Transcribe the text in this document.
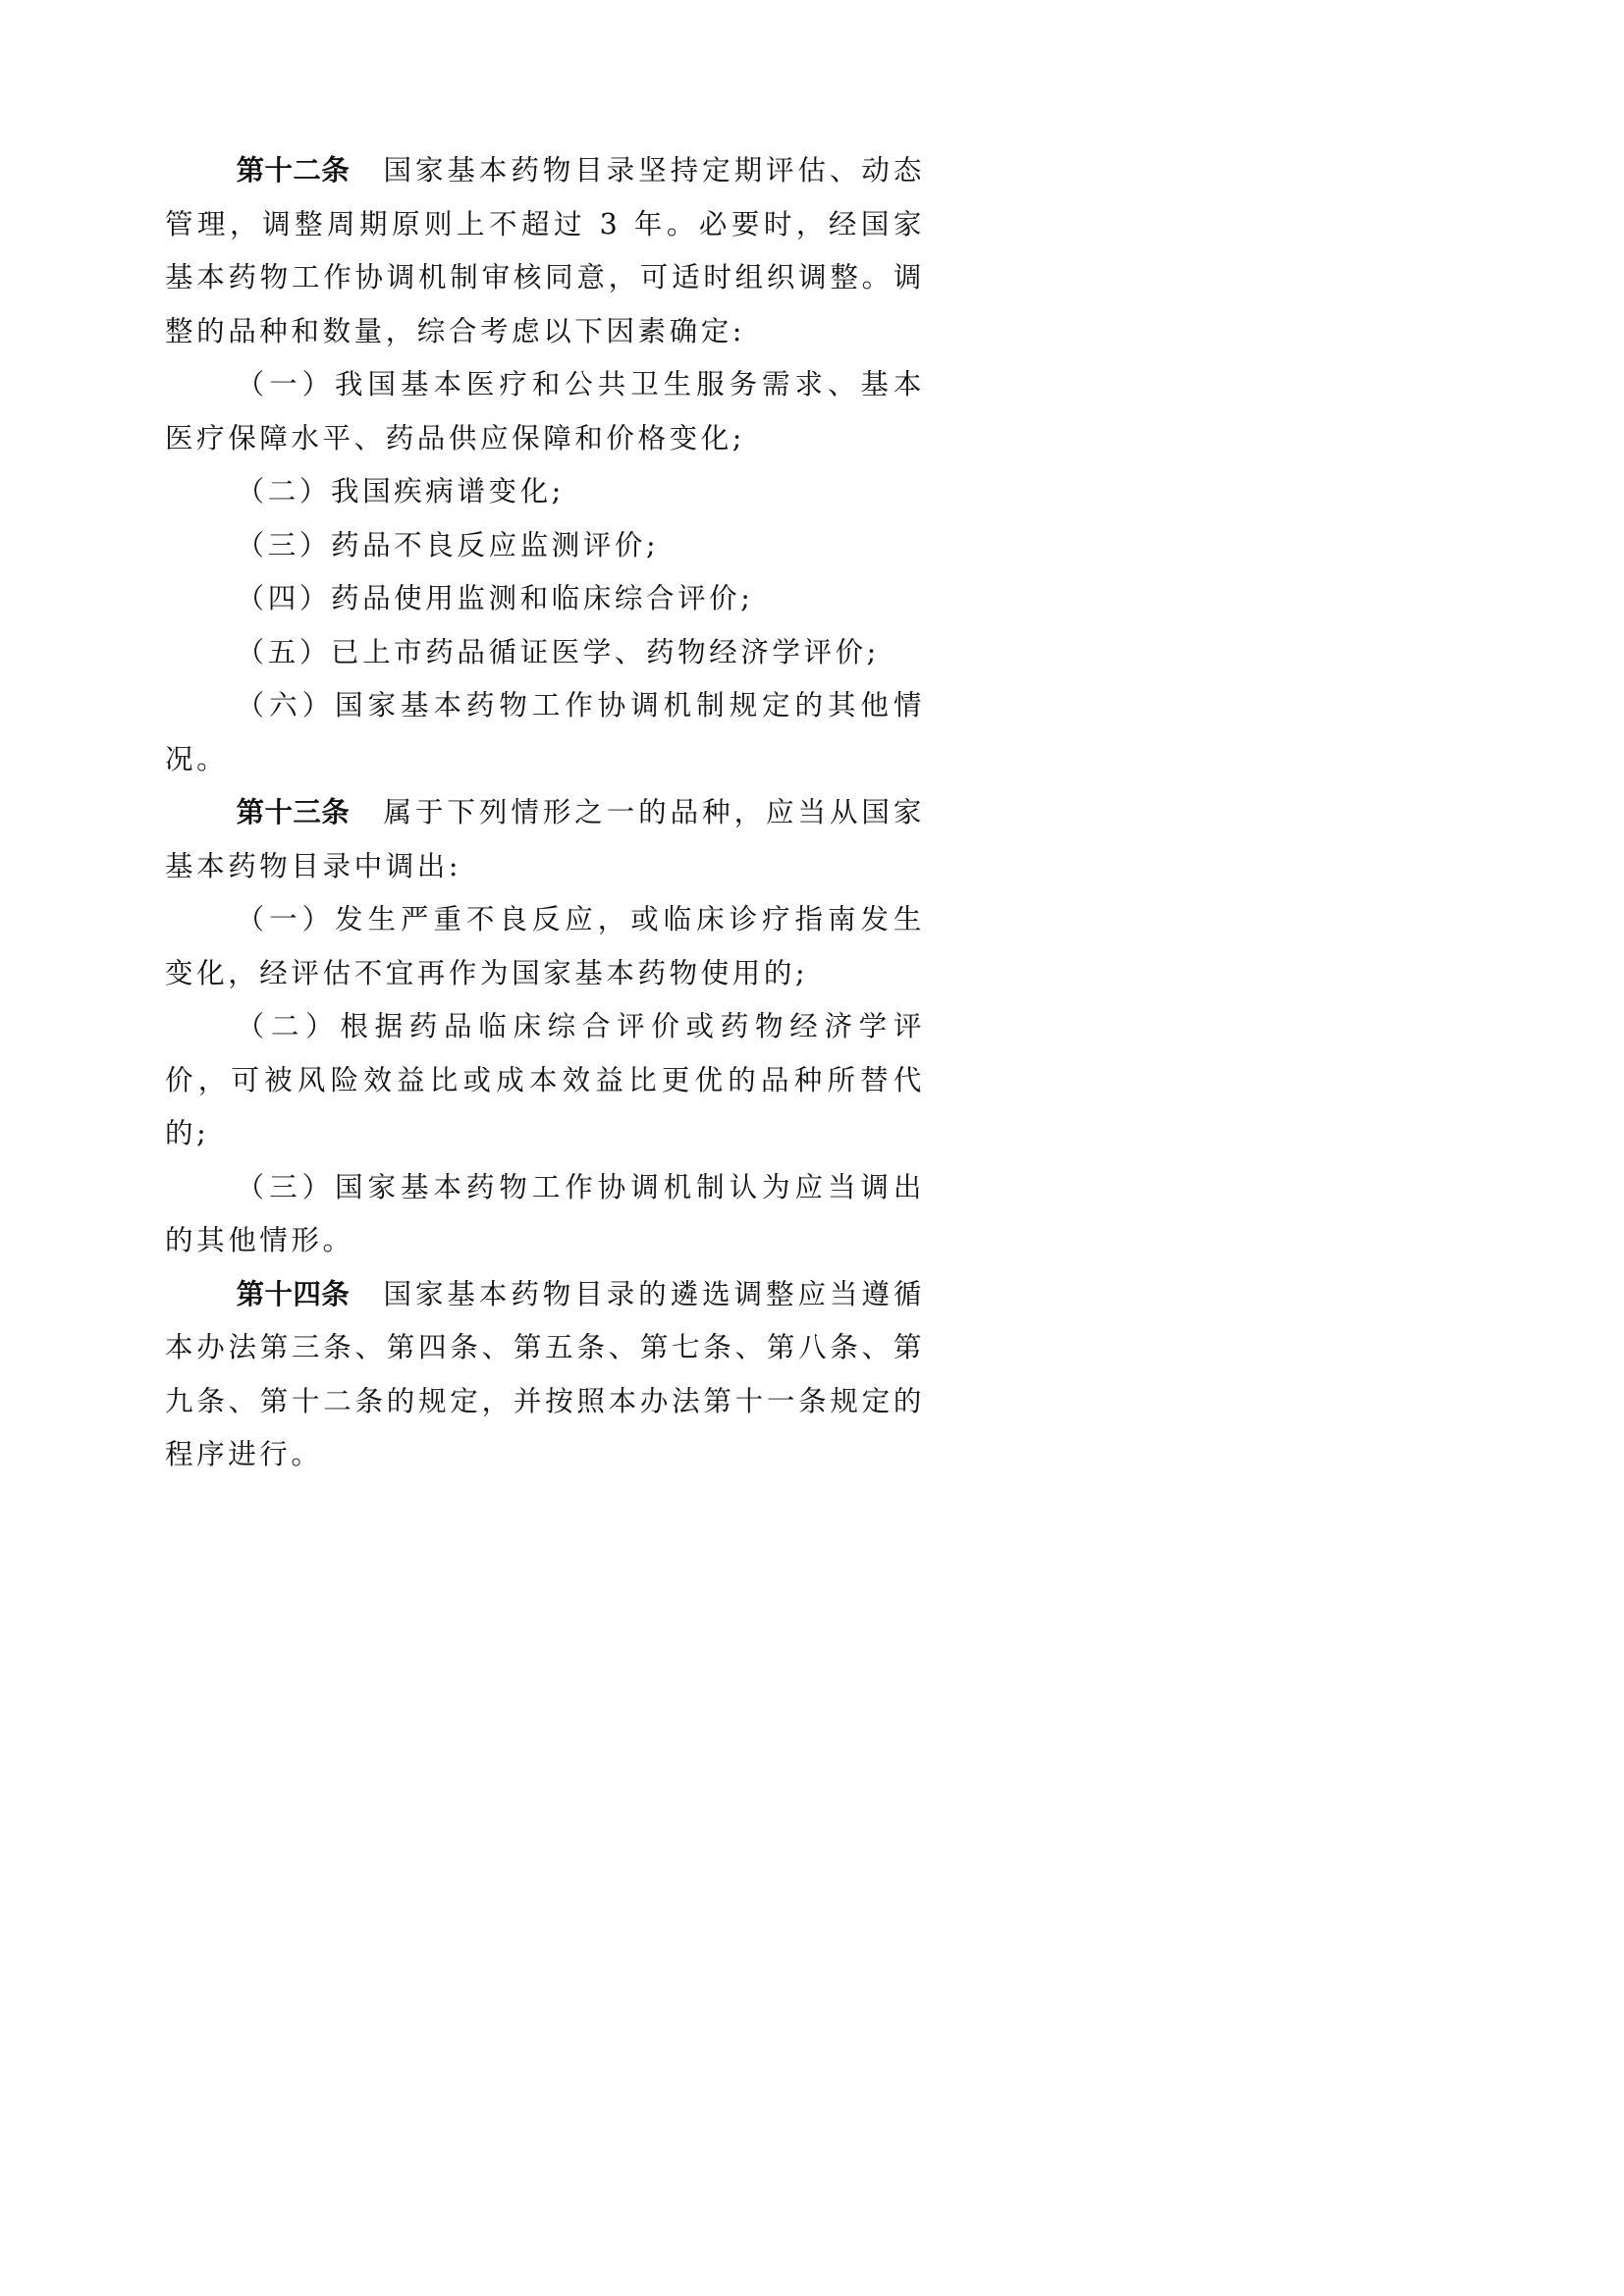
第十二条 国家基本药物目录坚持定期评估、动态管理，调整周期原则上不超过 3 年。必要时，经国家基本药物工作协调机制审核同意，可适时组织调整。调整的品种和数量，综合考虑以下因素确定:

（一）我国基本医疗和公共卫生服务需求、基本医疗保障水平、药品供应保障和价格变化;

（二）我国疾病谱变化;

（三）药品不良反应监测评价;

（四）药品使用监测和临床综合评价;

（五）已上市药品循证医学、药物经济学评价;

（六）国家基本药物工作协调机制规定的其他情况。

第十三条 属于下列情形之一的品种，应当从国家基本药物目录中调出:

（一）发生严重不良反应，或临床诊疗指南发生变化，经评估不宜再作为国家基本药物使用的;

（二）根据药品临床综合评价或药物经济学评价，可被风险效益比或成本效益比更优的品种所替代的;

（三）国家基本药物工作协调机制认为应当调出的其他情形。

第十四条 国家基本药物目录的遴选调整应当遵循本办法第三条、第四条、第五条、第七条、第八条、第九条、第十二条的规定，并按照本办法第十一条规定的程序进行。
